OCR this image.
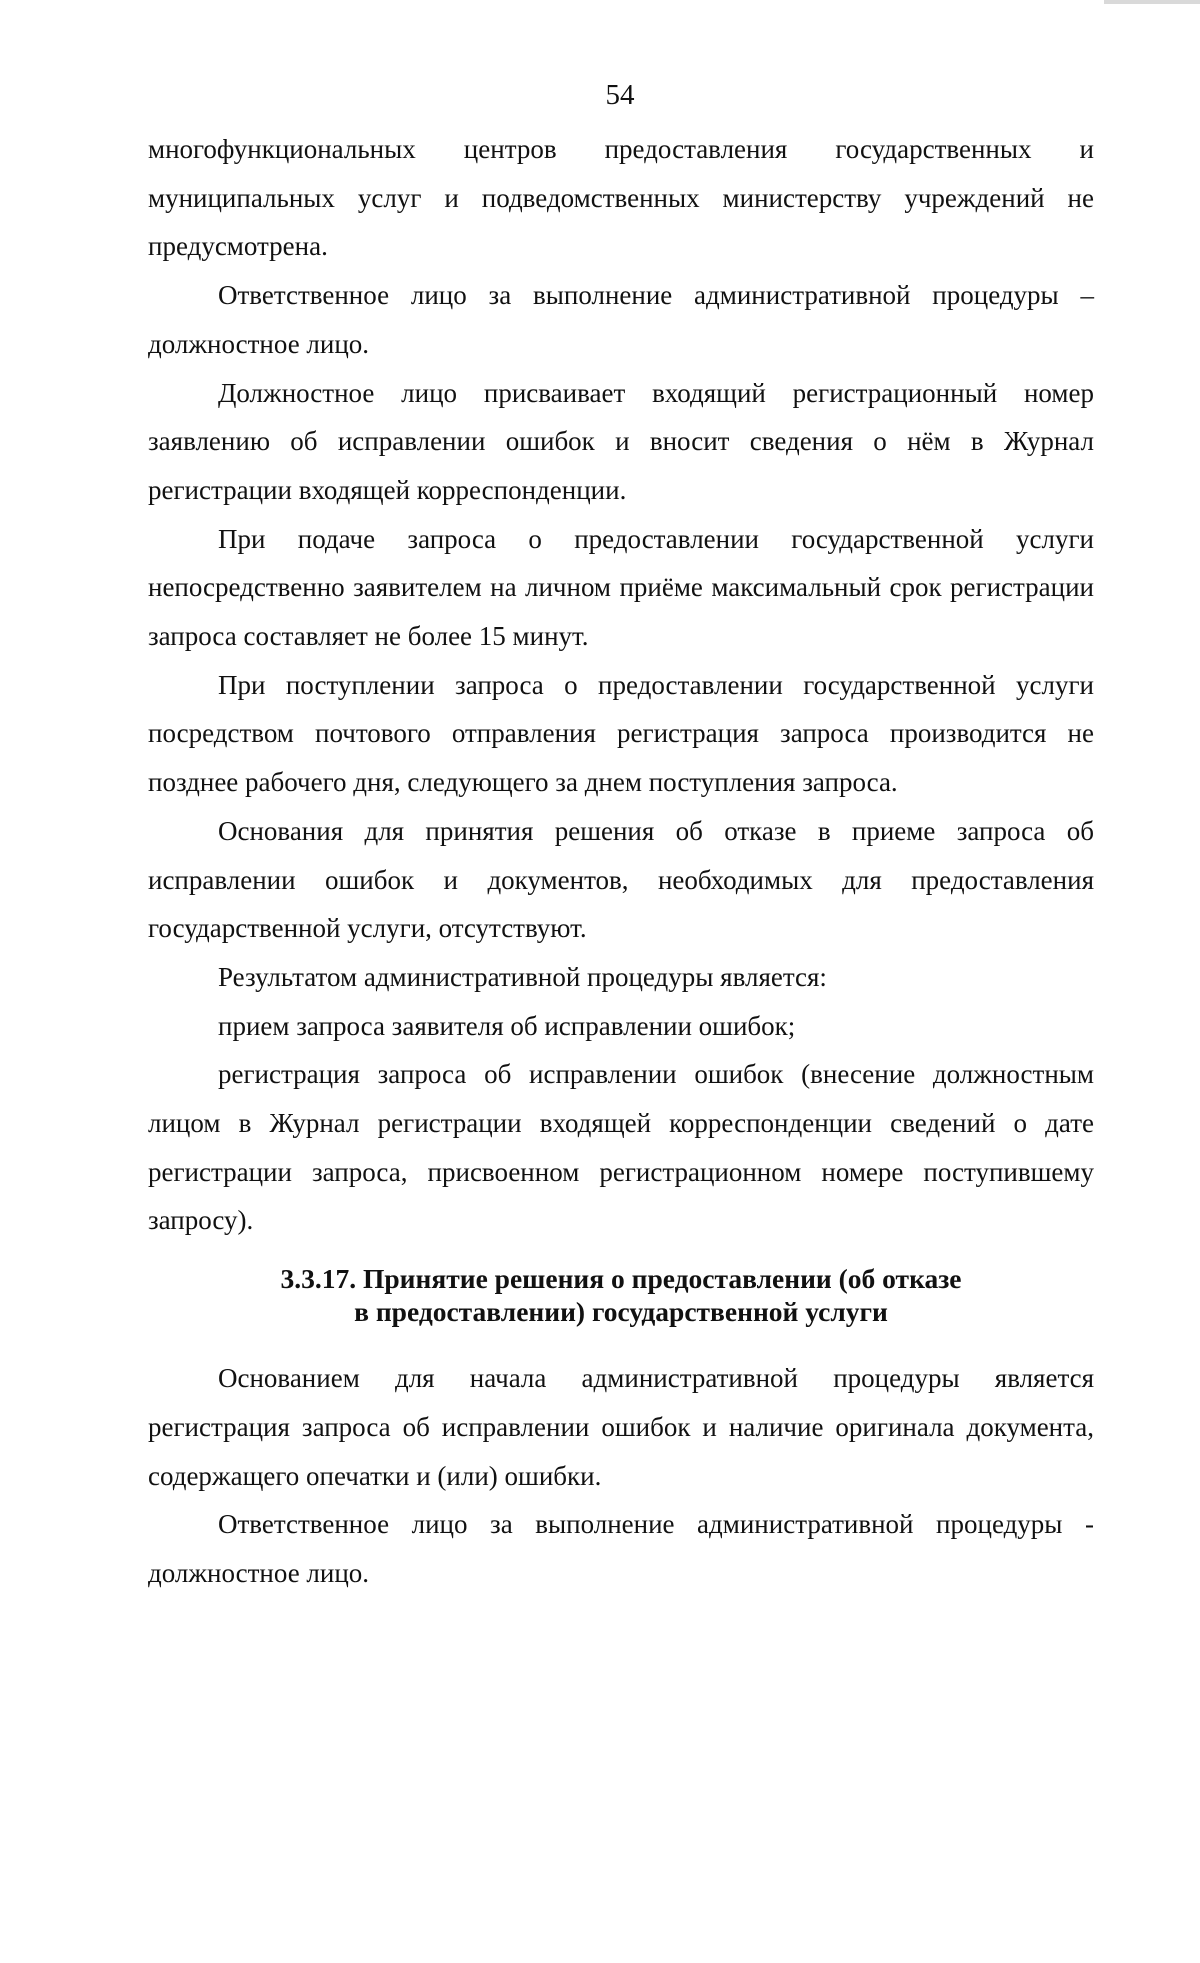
54

многофункциональных центров предоставления государственных и муниципальных услуг и подведомственных министерству учреждений не предусмотрена.

Ответственное лицо за выполнение административной процедуры – должностное лицо.

Должностное лицо присваивает входящий регистрационный номер заявлению об исправлении ошибок и вносит сведения о нём в Журнал регистрации входящей корреспонденции.

При подаче запроса о предоставлении государственной услуги непосредственно заявителем на личном приёме максимальный срок регистрации запроса составляет не более 15 минут.

При поступлении запроса о предоставлении государственной услуги посредством почтового отправления регистрация запроса производится не позднее рабочего дня, следующего за днем поступления запроса.

Основания для принятия решения об отказе в приеме запроса об исправлении ошибок и документов, необходимых для предоставления государственной услуги, отсутствуют.

Результатом административной процедуры является:

прием запроса заявителя об исправлении ошибок;

регистрация запроса об исправлении ошибок (внесение должностным лицом в Журнал регистрации входящей корреспонденции сведений о дате регистрации запроса, присвоенном регистрационном номере поступившему запросу).

3.3.17. Принятие решения о предоставлении (об отказе
в предоставлении) государственной услуги

Основанием для начала административной процедуры является регистрация запроса об исправлении ошибок и наличие оригинала документа, содержащего опечатки и (или) ошибки.

Ответственное лицо за выполнение административной процедуры - должностное лицо.
